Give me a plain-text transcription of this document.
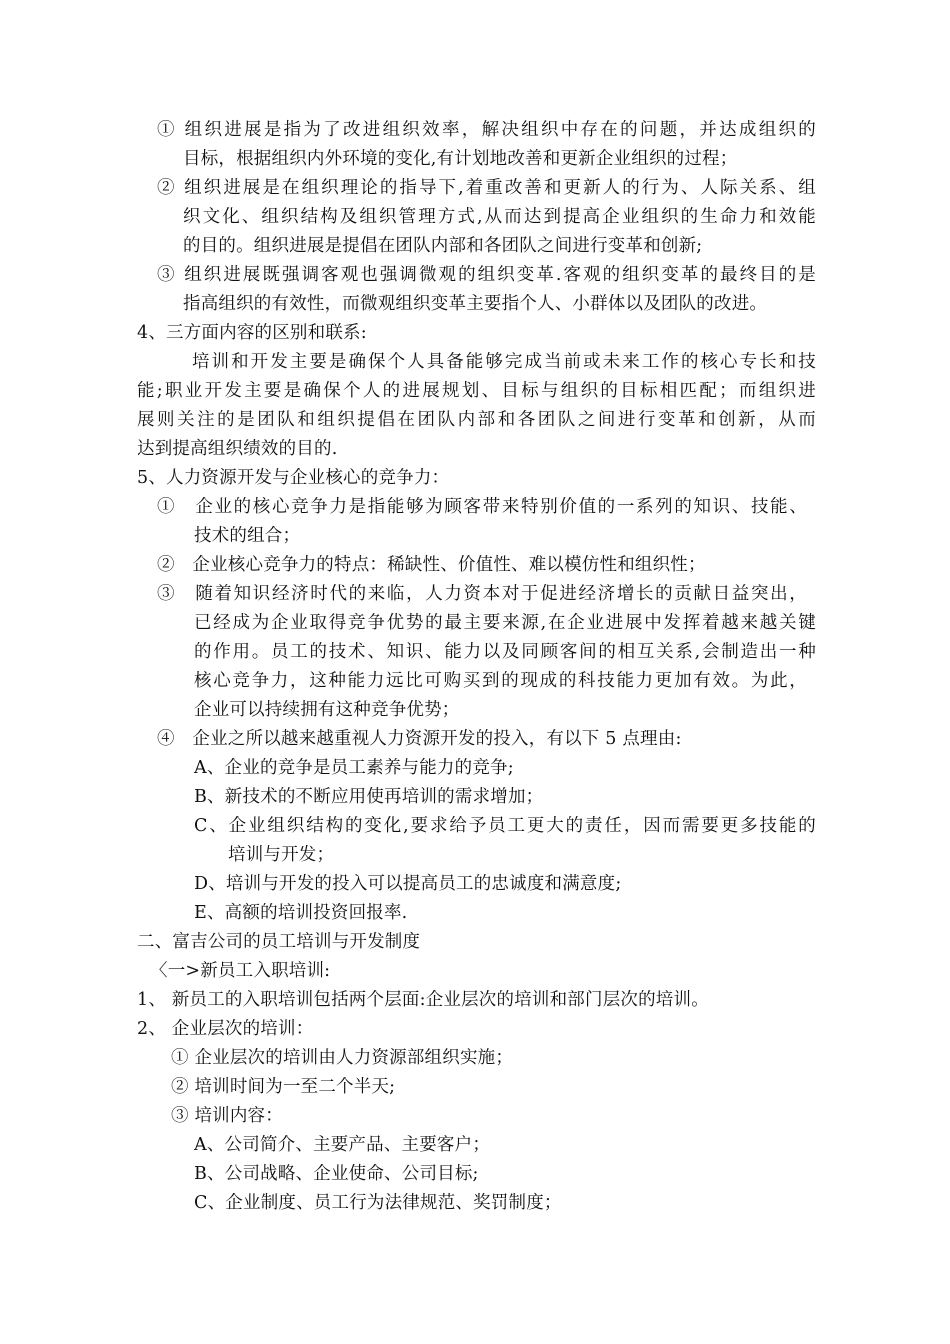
① 组织进展是指为了改进组织效率，解决组织中存在的问题，并达成组织的
目标，根据组织内外环境的变化,有计划地改善和更新企业组织的过程；
② 组织进展是在组织理论的指导下,着重改善和更新人的行为、人际关系、组
织文化、组织结构及组织管理方式,从而达到提高企业组织的生命力和效能
的目的。组织进展是提倡在团队内部和各团队之间进行变革和创新;
③ 组织进展既强调客观也强调微观的组织变革.客观的组织变革的最终目的是
指高组织的有效性，而微观组织变革主要指个人、小群体以及团队的改进。
4、三方面内容的区别和联系:
培训和开发主要是确保个人具备能够完成当前或未来工作的核心专长和技
能;职业开发主要是确保个人的进展规划、目标与组织的目标相匹配；而组织进
展则关注的是团队和组织提倡在团队内部和各团队之间进行变革和创新，从而
达到提高组织绩效的目的.
5、人力资源开发与企业核心的竞争力：
①　企业的核心竞争力是指能够为顾客带来特别价值的一系列的知识、技能、
技术的组合；
②　企业核心竞争力的特点：稀缺性、价值性、难以模仿性和组织性；
③　随着知识经济时代的来临，人力资本对于促进经济增长的贡献日益突出，
已经成为企业取得竞争优势的最主要来源,在企业进展中发挥着越来越关键
的作用。员工的技术、知识、能力以及同顾客间的相互关系,会制造出一种
核心竞争力，这种能力远比可购买到的现成的科技能力更加有效。为此，
企业可以持续拥有这种竞争优势；
④　企业之所以越来越重视人力资源开发的投入，有以下 5 点理由:
A、企业的竞争是员工素养与能力的竞争;
B、新技术的不断应用使再培训的需求增加；
C、企业组织结构的变化,要求给予员工更大的责任，因而需要更多技能的
培训与开发；
D、培训与开发的投入可以提高员工的忠诚度和满意度;
E、高额的培训投资回报率.
二、富吉公司的员工培训与开发制度
〈一>新员工入职培训:
1、 新员工的入职培训包括两个层面:企业层次的培训和部门层次的培训。
2、 企业层次的培训：
① 企业层次的培训由人力资源部组织实施；
② 培训时间为一至二个半天;
③ 培训内容：
A、公司简介、主要产品、主要客户；
B、公司战略、企业使命、公司目标;
C、企业制度、员工行为法律规范、奖罚制度；
